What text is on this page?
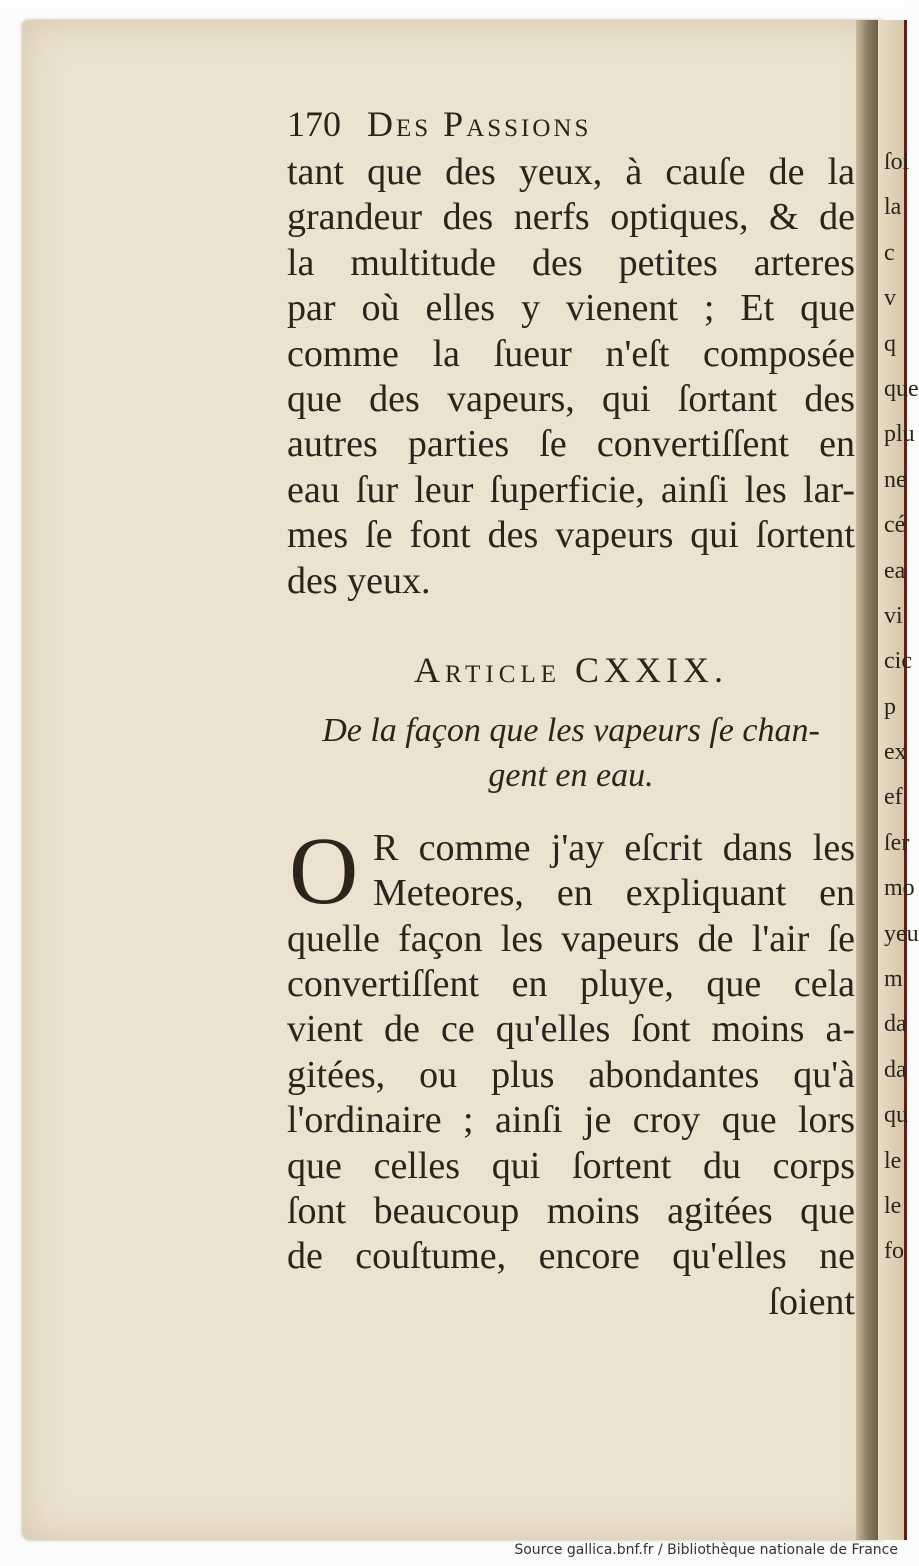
ſoi
la
c
v
q
que
plu
ne
cé
ea
vi
cic
p
ex
ef
ſer
mo
yeu
m
da
da
qu
le
le
fo
170 Des Passions
tant que des yeux, à cauſe de la
grandeur des nerfs optiques, & de
la multitude des petites arteres
par où elles y vienent ; Et que
comme la ſueur n'eſt composée
que des vapeurs, qui ſortant des
autres parties ſe convertiſſent en
eau ſur leur ſuperficie, ainſi les lar-
mes ſe font des vapeurs qui ſortent
des yeux.
Article CXXIX.
De la façon que les vapeurs ſe chan-
gent en eau.
O R comme j'ay eſcrit dans les
Meteores, en expliquant en
quelle façon les vapeurs de l'air ſe
convertiſſent en pluye, que cela
vient de ce qu'elles ſont moins a-
gitées, ou plus abondantes qu'à
l'ordinaire ; ainſi je croy que lors
que celles qui ſortent du corps
ſont beaucoup moins agitées que
de couſtume, encore qu'elles ne
ſoient
Source gallica.bnf.fr / Bibliothèque nationale de France
